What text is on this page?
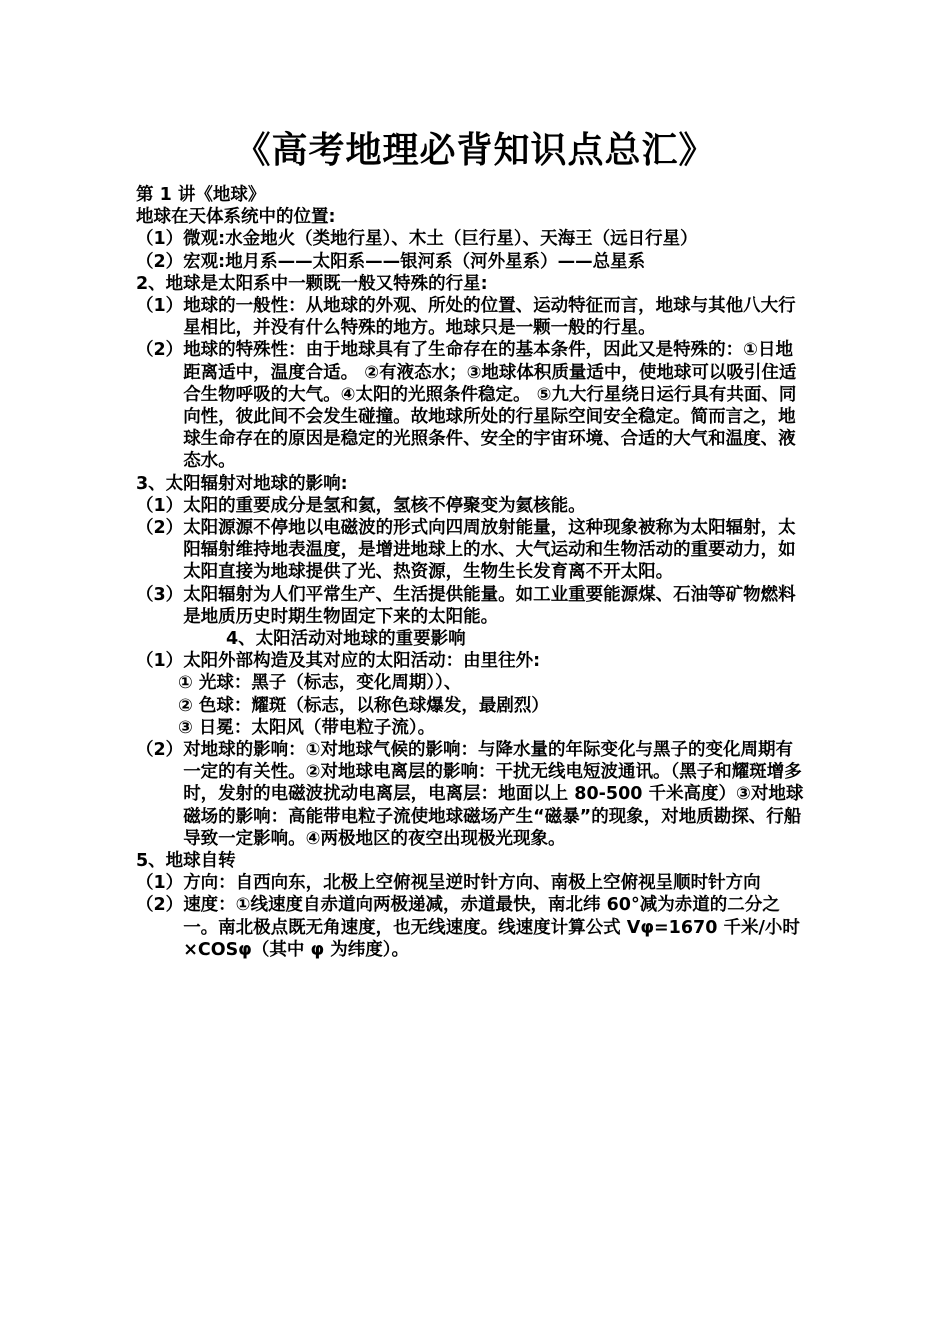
《高考地理必背知识点总汇》
第 1 讲《地球》
地球在天体系统中的位置:
（1）微观: 水金地火（类地行星）、木土（巨行星）、天海王（远日行星）
（2）宏观: 地月系——太阳系——银河系（河外星系）——总星系
2、地球是太阳系中一颗既一般又特殊的行星:
（1） 地球的一般性：从地球的外观、所处的位置、运动特征而言，地球与其他八大行星相比，并没有什么特殊的地方。地球只是一颗一般的行星。
（2） 地球的特殊性：由于地球具有了生命存在的基本条件，因此又是特殊的：①日地距离适中，温度合适。 ②有液态水；③地球体积质量适中，使地球可以吸引住适合生物呼吸的大气。④太阳的光照条件稳定。 ⑤九大行星绕日运行具有共面、同向性，彼此间不会发生碰撞。故地球所处的行星际空间安全稳定。简而言之，地球生命存在的原因是稳定的光照条件、安全的宇宙环境、合适的大气和温度、液态水。
3、太阳辐射对地球的影响:
（1） 太阳的重要成分是氢和氦，氢核不停聚变为氦核能。
（2） 太阳源源不停地以电磁波的形式向四周放射能量，这种现象被称为太阳辐射，太阳辐射维持地表温度，是增进地球上的水、大气运动和生物活动的重要动力，如太阳直接为地球提供了光、热资源，生物生长发育离不开太阳。
（3） 太阳辐射为人们平常生产、生活提供能量。如工业重要能源煤、石油等矿物燃料是地质历史时期生物固定下来的太阳能。
4、太阳活动对地球的重要影响
（1） 太阳外部构造及其对应的太阳活动：由里往外:
① 光球：黑子（标志，变化周期））、
② 色球：耀斑（标志，以称色球爆发，最剧烈）
③ 日冕：太阳风（带电粒子流）。
（2） 对地球的影响：①对地球气候的影响：与降水量的年际变化与黑子的变化周期有一定的有关性。②对地球电离层的影响：干扰无线电短波通讯。（黑子和耀斑增多时，发射的电磁波扰动电离层，电离层：地面以上 80-500 千米高度）③对地球磁场的影响：高能带电粒子流使地球磁场产生“磁暴”的现象，对地质勘探、行船导致一定影响。④两极地区的夜空出现极光现象。
5、地球自转
（1） 方向：自西向东，北极上空俯视呈逆时针方向、南极上空俯视呈顺时针方向
（2） 速度：①线速度自赤道向两极递减，赤道最快，南北纬 60°减为赤道的二分之一。南北极点既无角速度，也无线速度。线速度计算公式 Vφ=1670 千米/小时×COSφ（其中 φ 为纬度）。
